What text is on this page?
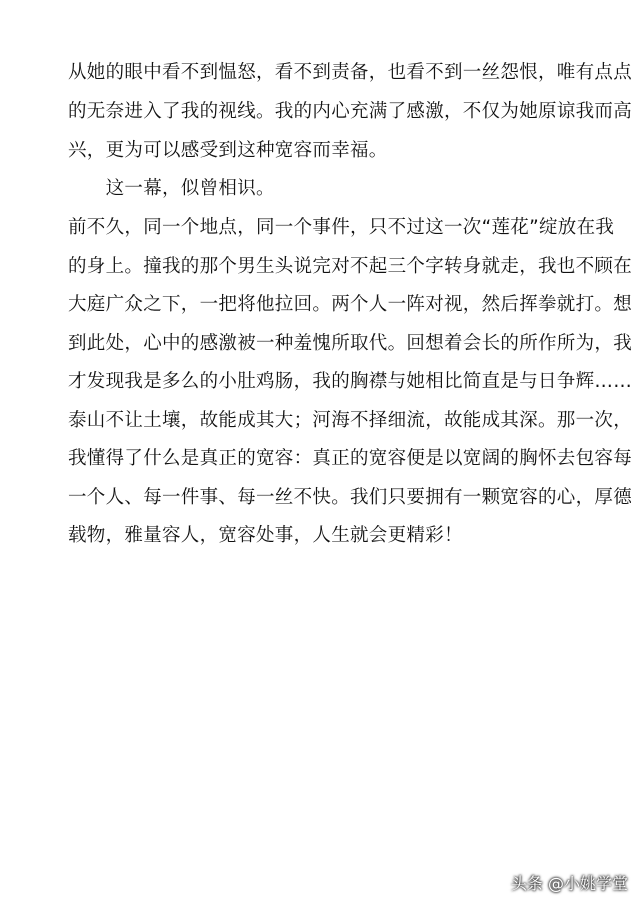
从她的眼中看不到愠怒，看不到责备，也看不到一丝怨恨，唯有点点
的无奈进入了我的视线。我的内心充满了感激，不仅为她原谅我而高
兴，更为可以感受到这种宽容而幸福。
　　这一幕，似曾相识。
前不久，同一个地点，同一个事件，只不过这一次“莲花”绽放在我
的身上。撞我的那个男生头说完对不起三个字转身就走，我也不顾在
大庭广众之下，一把将他拉回。两个人一阵对视，然后挥拳就打。想
到此处，心中的感激被一种羞愧所取代。回想着会长的所作所为，我
才发现我是多么的小肚鸡肠，我的胸襟与她相比简直是与日争辉……
泰山不让土壤，故能成其大；河海不择细流，故能成其深。那一次，
我懂得了什么是真正的宽容：真正的宽容便是以宽阔的胸怀去包容每
一个人、每一件事、每一丝不快。我们只要拥有一颗宽容的心，厚德
载物，雅量容人，宽容处事，人生就会更精彩！
头条 @小姚学堂
